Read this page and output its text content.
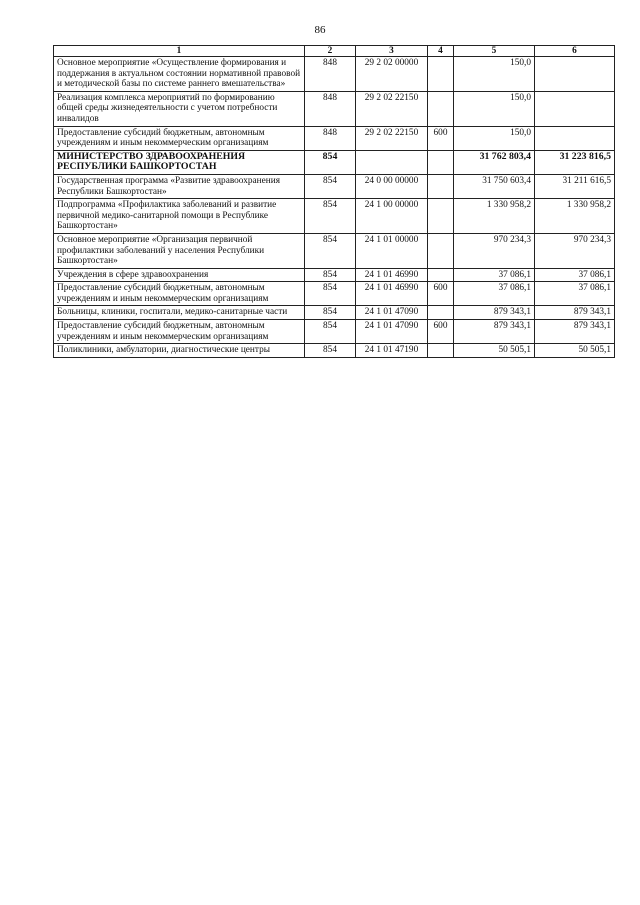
86
1	2	3	4	5	6
Основное мероприятие «Осуществление формирования и поддержания в актуальном состоянии нормативной правовой и методической базы по системе раннего вмешательства»	848	29 2 02 00000		150,0	
Реализация комплекса мероприятий по формированию общей среды жизнедеятельности с учетом потребности инвалидов	848	29 2 02 22150		150,0	
Предоставление субсидий бюджетным, автономным учреждениям и иным некоммерческим организациям	848	29 2 02 22150	600	150,0	
МИНИСТЕРСТВО ЗДРАВООХРАНЕНИЯ РЕСПУБЛИКИ БАШКОРТОСТАН	854			31 762 803,4	31 223 816,5
Государственная программа «Развитие здравоохранения Республики Башкортостан»	854	24 0 00 00000		31 750 603,4	31 211 616,5
Подпрограмма «Профилактика заболеваний и развитие первичной медико-санитарной помощи в Республике Башкортостан»	854	24 1 00 00000		1 330 958,2	1 330 958,2
Основное мероприятие «Организация первичной профилактики заболеваний у населения Республики Башкортостан»	854	24 1 01 00000		970 234,3	970 234,3
Учреждения в сфере здравоохранения	854	24 1 01 46990		37 086,1	37 086,1
Предоставление субсидий бюджетным, автономным учреждениям и иным некоммерческим организациям	854	24 1 01 46990	600	37 086,1	37 086,1
Больницы, клиники, госпитали, медико-санитарные части	854	24 1 01 47090		879 343,1	879 343,1
Предоставление субсидий бюджетным, автономным учреждениям и иным некоммерческим организациям	854	24 1 01 47090	600	879 343,1	879 343,1
Поликлиники, амбулатории, диагностические центры	854	24 1 01 47190		50 505,1	50 505,1
